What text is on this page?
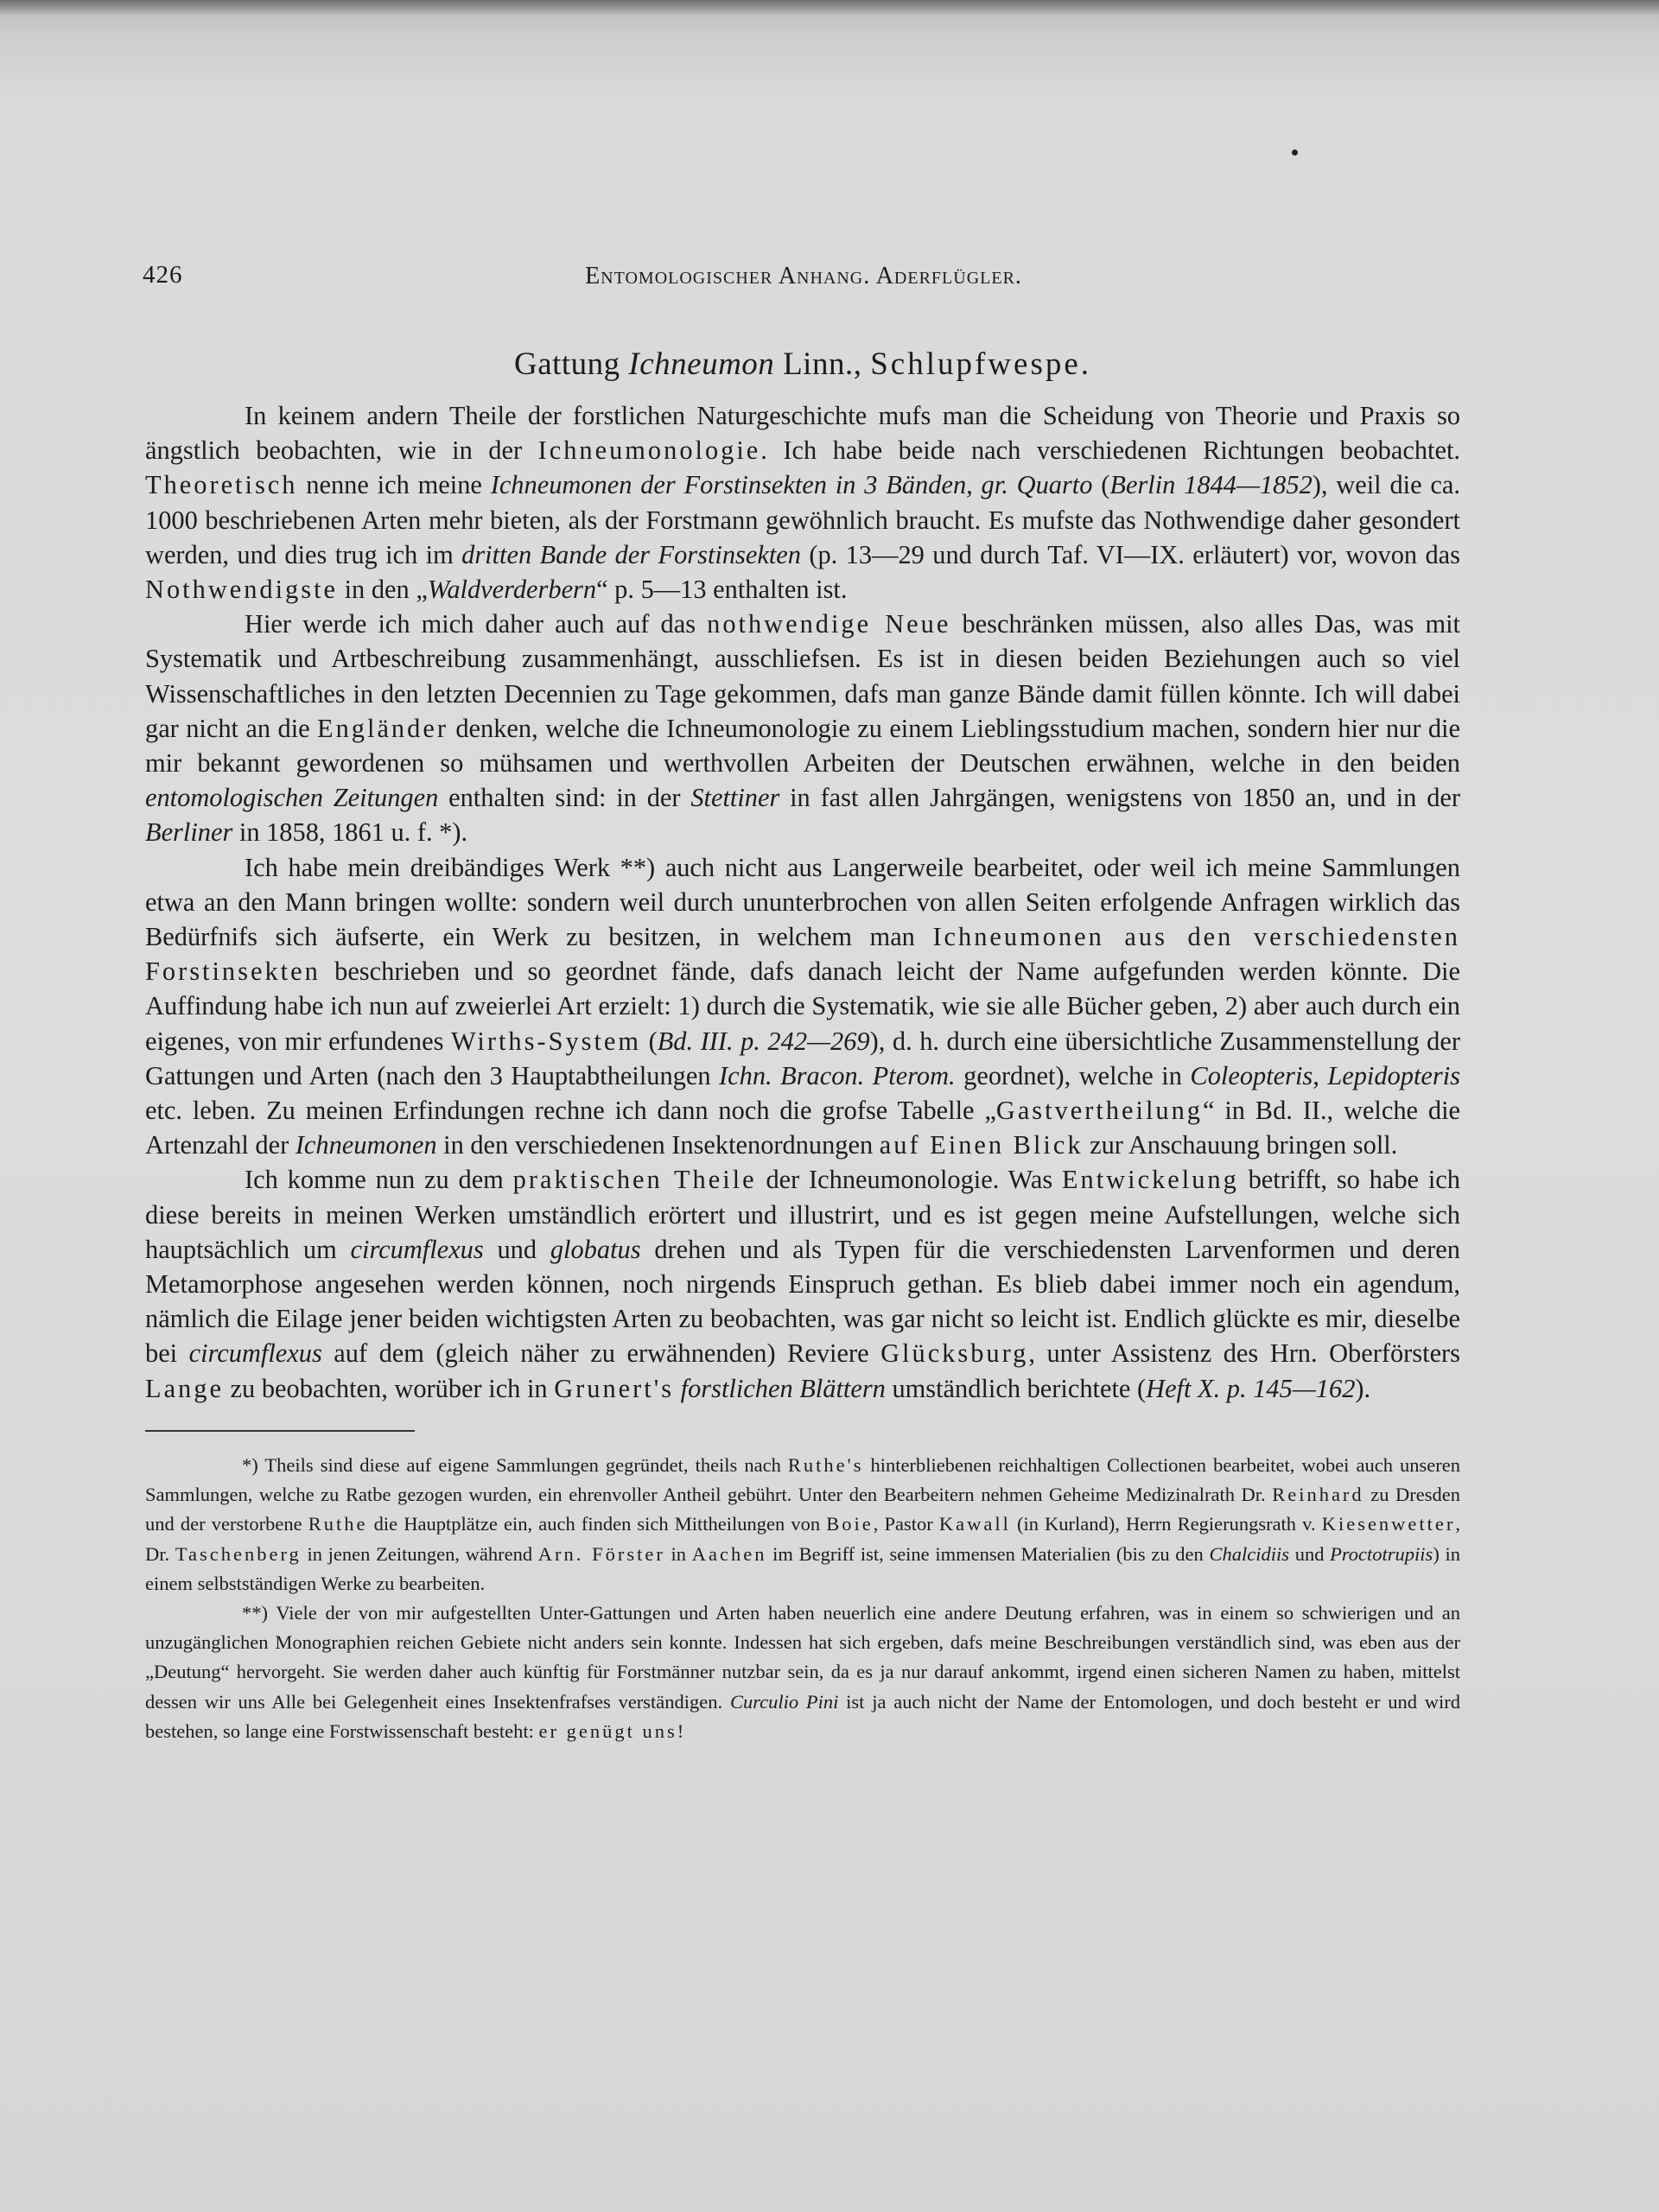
426	Entomologischer Anhang. Aderflügler.
Gattung Ichneumon Linn., Schlupfwespe.

In keinem andern Theile der forstlichen Naturgeschichte mufs man die Scheidung von Theorie und Praxis so ängstlich beobachten, wie in der Ichneumonologie. Ich habe beide nach verschiedenen Richtungen beobachtet. Theoretisch nenne ich meine Ichneumonen der Forstinsekten in 3 Bänden, gr. Quarto (Berlin 1844—1852), weil die ca. 1000 beschriebenen Arten mehr bieten, als der Forstmann gewöhnlich braucht. Es mufste das Nothwendige daher gesondert werden, und dies trug ich im dritten Bande der Forstinsekten (p. 13—29 und durch Taf. VI—IX. erläutert) vor, wovon das Nothwendigste in den „Waldverderbern“ p. 5—13 enthalten ist.

Hier werde ich mich daher auch auf das nothwendige Neue beschränken müssen, also alles Das, was mit Systematik und Artbeschreibung zusammenhängt, ausschliefsen. Es ist in diesen beiden Beziehungen auch so viel Wissenschaftliches in den letzten Decennien zu Tage gekommen, dafs man ganze Bände damit füllen könnte. Ich will dabei gar nicht an die Engländer denken, welche die Ichneumonologie zu einem Lieblingsstudium machen, sondern hier nur die mir bekannt gewordenen so mühsamen und werthvollen Arbeiten der Deutschen erwähnen, welche in den beiden entomologischen Zeitungen enthalten sind: in der Stettiner in fast allen Jahrgängen, wenigstens von 1850 an, und in der Berliner in 1858, 1861 u. f. *).

Ich habe mein dreibändiges Werk **) auch nicht aus Langerweile bearbeitet, oder weil ich meine Sammlungen etwa an den Mann bringen wollte: sondern weil durch ununterbrochen von allen Seiten erfolgende Anfragen wirklich das Bedürfnifs sich äufserte, ein Werk zu besitzen, in welchem man Ichneumonen aus den verschiedensten Forstinsekten beschrieben und so geordnet fände, dafs danach leicht der Name aufgefunden werden könnte. Die Auffindung habe ich nun auf zweierlei Art erzielt: 1) durch die Systematik, wie sie alle Bücher geben, 2) aber auch durch ein eigenes, von mir erfundenes Wirths-System (Bd. III. p. 242—269), d. h. durch eine übersichtliche Zusammenstellung der Gattungen und Arten (nach den 3 Hauptabtheilungen Ichn. Bracon. Pterom. geordnet), welche in Coleopteris, Lepidopteris etc. leben. Zu meinen Erfindungen rechne ich dann noch die grofse Tabelle „Gastvertheilung“ in Bd. II., welche die Artenzahl der Ichneumonen in den verschiedenen Insektenordnungen auf Einen Blick zur Anschauung bringen soll.

Ich komme nun zu dem praktischen Theile der Ichneumonologie. Was Entwickelung betrifft, so habe ich diese bereits in meinen Werken umständlich erörtert und illustrirt, und es ist gegen meine Aufstellungen, welche sich hauptsächlich um circumflexus und globatus drehen und als Typen für die verschiedensten Larvenformen und deren Metamorphose angesehen werden können, noch nirgends Einspruch gethan. Es blieb dabei immer noch ein agendum, nämlich die Eilage jener beiden wichtigsten Arten zu beobachten, was gar nicht so leicht ist. Endlich glückte es mir, dieselbe bei circumflexus auf dem (gleich näher zu erwähnenden) Reviere Glücksburg, unter Assistenz des Hrn. Oberförsters Lange zu beobachten, worüber ich in Grunert's forstlichen Blättern umständlich berichtete (Heft X. p. 145—162).

*) Theils sind diese auf eigene Sammlungen gegründet, theils nach Ruthe's hinterbliebenen reichhaltigen Collectionen bearbeitet, wobei auch unseren Sammlungen, welche zu Ratbe gezogen wurden, ein ehrenvoller Antheil gebührt. Unter den Bearbeitern nehmen Geheime Medizinalrath Dr. Reinhard zu Dresden und der verstorbene Ruthe die Hauptplätze ein, auch finden sich Mittheilungen von Boie, Pastor Kawall (in Kurland), Herrn Regierungsrath v. Kiesenwetter, Dr. Taschenberg in jenen Zeitungen, während Arn. Förster in Aachen im Begriff ist, seine immensen Materialien (bis zu den Chalcidiis und Proctotrupiis) in einem selbstständigen Werke zu bearbeiten.

**) Viele der von mir aufgestellten Unter-Gattungen und Arten haben neuerlich eine andere Deutung erfahren, was in einem so schwierigen und an unzugänglichen Monographien reichen Gebiete nicht anders sein konnte. Indessen hat sich ergeben, dafs meine Beschreibungen verständlich sind, was eben aus der „Deutung“ hervorgeht. Sie werden daher auch künftig für Forstmänner nutzbar sein, da es ja nur darauf ankommt, irgend einen sicheren Namen zu haben, mittelst dessen wir uns Alle bei Gelegenheit eines Insektenfrafses verständigen. Curculio Pini ist ja auch nicht der Name der Entomologen, und doch besteht er und wird bestehen, so lange eine Forstwissenschaft besteht: er genügt uns!
